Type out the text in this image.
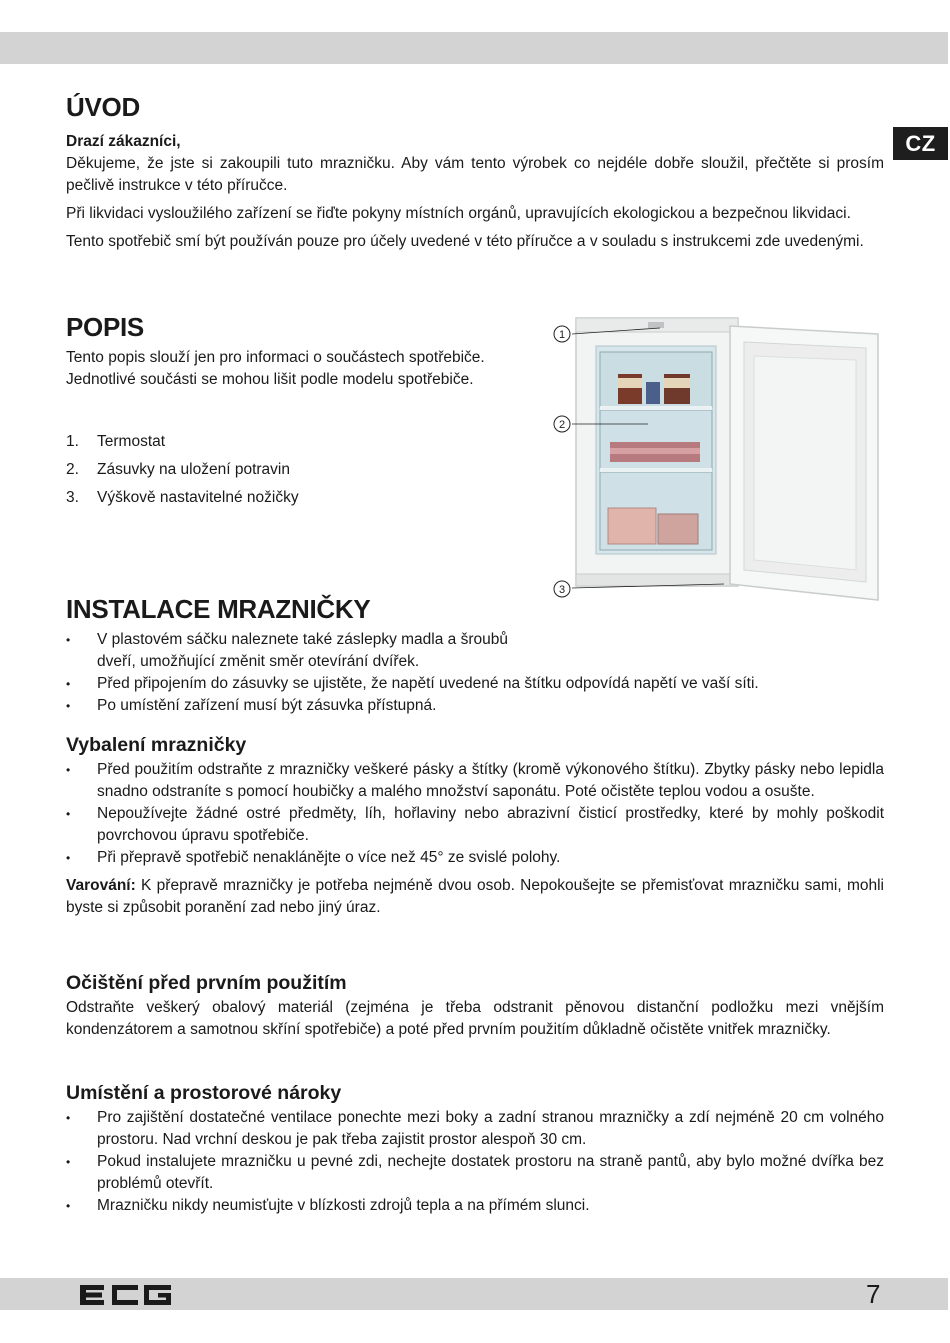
CZ
ÚVOD

Drazí zákazníci,

Děkujeme, že jste si zakoupili tuto mrazničku. Aby vám tento výrobek co nejdéle dobře sloužil, přečtěte si prosím pečlivě instrukce v této příručce.

Při likvidaci vysloužilého zařízení se řiďte pokyny místních orgánů, upravujících ekologickou a bezpečnou likvidaci.

Tento spotřebič smí být používán pouze pro účely uvedené v této příručce a v souladu s instrukcemi zde uvedenými.

POPIS

Tento popis slouží jen pro informaci o součástech spotřebiče.

Jednotlivé součásti se mohou lišit podle modelu spotřebiče.

1.	Termostat
2.	Zásuvky na uložení potravin
3.	Výškově nastavitelné nožičky
1
2
3
INSTALACE MRAZNIČKY
• V plastovém sáčku naleznete také záslepky madla a šroubů
dveří, umožňující změnit směr otevírání dvířek.
• Před připojením do zásuvky se ujistěte, že napětí uvedené na štítku odpovídá napětí ve vaší síti.
• Po umístění zařízení musí být zásuvka přístupná.
Vybalení mrazničky
• Před použitím odstraňte z mrazničky veškeré pásky a štítky (kromě výkonového štítku). Zbytky pásky nebo lepidla snadno odstraníte s pomocí houbičky a malého množství saponátu. Poté očistěte teplou vodou a osušte.
• Nepoužívejte žádné ostré předměty, líh, hořlaviny nebo abrazivní čisticí prostředky, které by mohly poškodit povrchovou úpravu spotřebiče.
• Při přepravě spotřebič nenaklánějte o více než 45° ze svislé polohy.

Varování: K přepravě mrazničky je potřeba nejméně dvou osob. Nepokoušejte se přemisťovat mrazničku sami, mohli byste si způsobit poranění zad nebo jiný úraz.

Očištění před prvním použitím

Odstraňte veškerý obalový materiál (zejména je třeba odstranit pěnovou distanční podložku mezi vnějším kondenzátorem a samotnou skříní spotřebiče) a poté před prvním použitím důkladně očistěte vnitřek mrazničky.

Umístění a prostorové nároky
• Pro zajištění dostatečné ventilace ponechte mezi boky a zadní stranou mrazničky a zdí nejméně 20 cm volného prostoru. Nad vrchní deskou je pak třeba zajistit prostor alespoň 30 cm.
• Pokud instalujete mrazničku u pevné zdi, nechejte dostatek prostoru na straně pantů, aby bylo možné dvířka bez problémů otevřít.
• Mrazničku nikdy neumisťujte v blízkosti zdrojů tepla a na přímém slunci.
7
